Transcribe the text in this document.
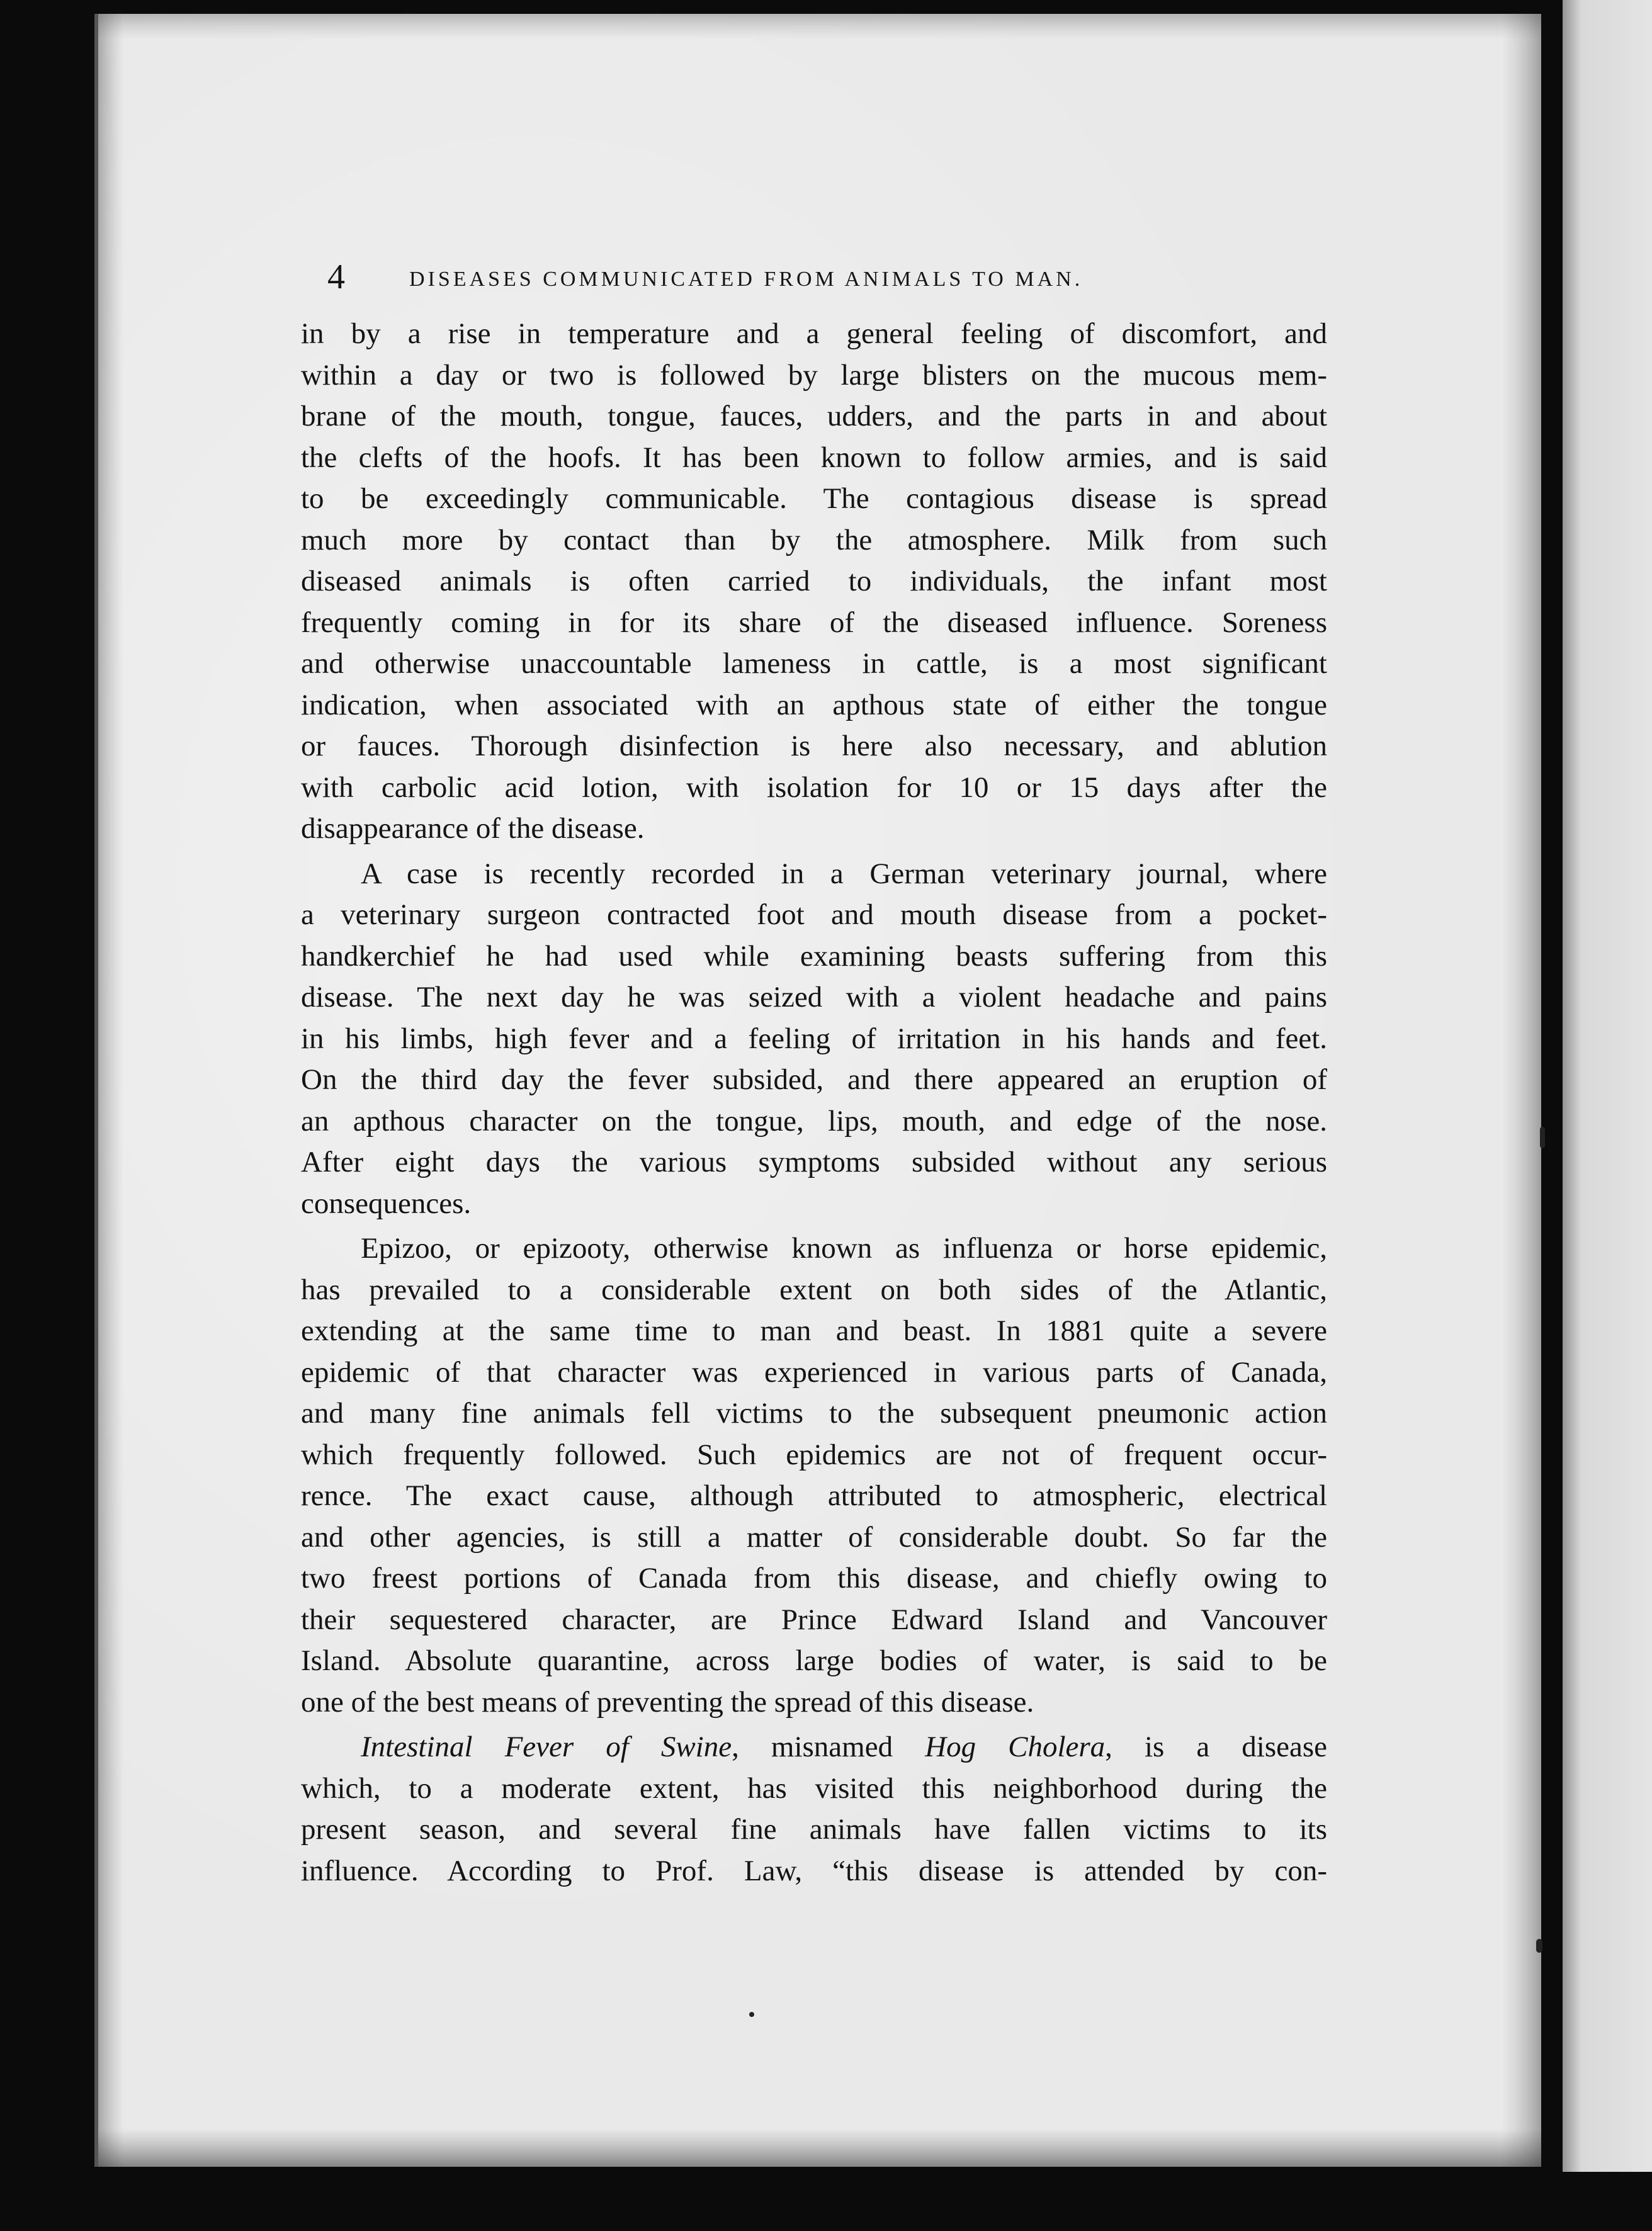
4	DISEASES COMMUNICATED FROM ANIMALS TO MAN.
in by a rise in temperature and a general feeling of discomfort, and
within a day or two is followed by large blisters on the mucous mem-
brane of the mouth, tongue, fauces, udders, and the parts in and about
the clefts of the hoofs. It has been known to follow armies, and is said
to be exceedingly communicable. The contagious disease is spread
much more by contact than by the atmosphere. Milk from such
diseased animals is often carried to individuals, the infant most
frequently coming in for its share of the diseased influence. Soreness
and otherwise unaccountable lameness in cattle, is a most significant
indication, when associated with an apthous state of either the tongue
or fauces. Thorough disinfection is here also necessary, and ablution
with carbolic acid lotion, with isolation for 10 or 15 days after the
disappearance of the disease.
A case is recently recorded in a German veterinary journal, where
a veterinary surgeon contracted foot and mouth disease from a pocket-
handkerchief he had used while examining beasts suffering from this
disease. The next day he was seized with a violent headache and pains
in his limbs, high fever and a feeling of irritation in his hands and feet.
On the third day the fever subsided, and there appeared an eruption of
an apthous character on the tongue, lips, mouth, and edge of the nose.
After eight days the various symptoms subsided without any serious
consequences.
Epizoo, or epizooty, otherwise known as influenza or horse epidemic,
has prevailed to a considerable extent on both sides of the Atlantic,
extending at the same time to man and beast. In 1881 quite a severe
epidemic of that character was experienced in various parts of Canada,
and many fine animals fell victims to the subsequent pneumonic action
which frequently followed. Such epidemics are not of frequent occur-
rence. The exact cause, although attributed to atmospheric, electrical
and other agencies, is still a matter of considerable doubt. So far the
two freest portions of Canada from this disease, and chiefly owing to
their sequestered character, are Prince Edward Island and Vancouver
Island. Absolute quarantine, across large bodies of water, is said to be
one of the best means of preventing the spread of this disease.
Intestinal Fever of Swine, misnamed Hog Cholera, is a disease
which, to a moderate extent, has visited this neighborhood during the
present season, and several fine animals have fallen victims to its
influence. According to Prof. Law, “this disease is attended by con-
